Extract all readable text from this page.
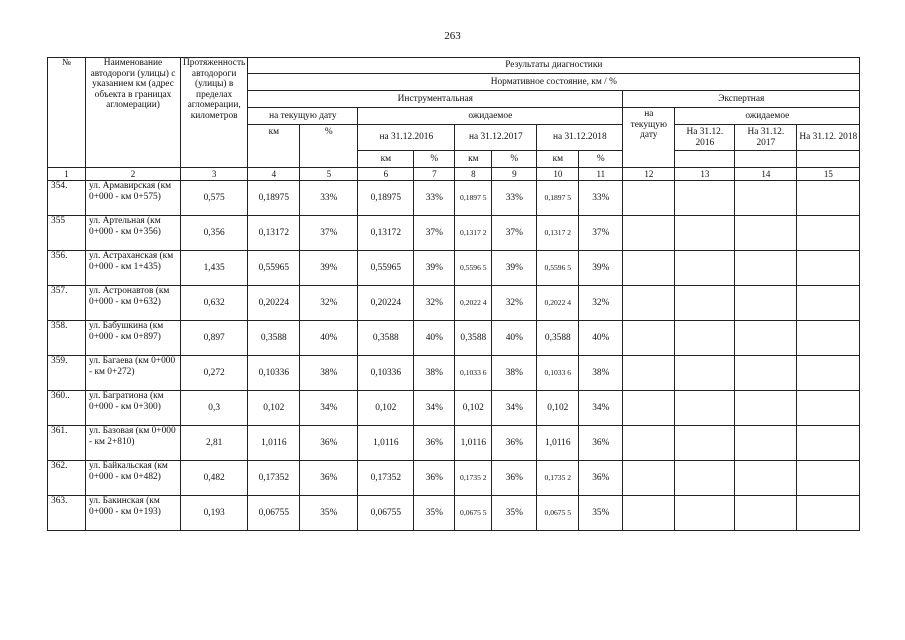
263
№	Наименование автодороги (улицы) с указанием км (адрес объекта в границах агломерации)	Протяженность автодороги (улицы) в пределах агломерации, километров	Результаты диагностики											
			Нормативное состояние, км / %											
			Инструментальная								Экспертная			
			на текущую дату		ожидаемое						на текущую дату	ожидаемое		
			км	%	на 31.12.2016		на 31.12.2017		на 31.12.2018			На 31.12. 2016	На 31.12. 2017	На 31.12. 2018
					км	%	км	%	км	%				
1	2	3	4	5	6	7	8	9	10	11	12	13	14	15
354.	ул. Армавирская (км 0+000 - км 0+575)	0,575	0,18975	33%	0,18975	33%	0,1897 5	33%	0,1897 5	33%				
355	ул. Артельная (км 0+000 - км 0+356)	0,356	0,13172	37%	0,13172	37%	0,1317 2	37%	0,1317 2	37%				
356.	ул. Астраханская (км 0+000 - км 1+435)	1,435	0,55965	39%	0,55965	39%	0,5596 5	39%	0,5596 5	39%				
357.	ул. Астронавтов (км 0+000 - км 0+632)	0,632	0,20224	32%	0,20224	32%	0,2022 4	32%	0,2022 4	32%				
358.	ул. Бабушкина (км 0+000 - км 0+897)	0,897	0,3588	40%	0,3588	40%	0,3588	40%	0,3588	40%				
359.	ул. Багаева (км 0+000 - км 0+272)	0,272	0,10336	38%	0,10336	38%	0,1033 6	38%	0,1033 6	38%				
360..	ул. Багратиона (км 0+000 - км 0+300)	0,3	0,102	34%	0,102	34%	0,102	34%	0,102	34%				
361.	ул. Базовая (км 0+000 - км 2+810)	2,81	1,0116	36%	1,0116	36%	1,0116	36%	1,0116	36%				
362.	ул. Байкальская (км 0+000 - км 0+482)	0,482	0,17352	36%	0,17352	36%	0,1735 2	36%	0,1735 2	36%				
363.	ул. Бакинская (км 0+000 - км 0+193)	0,193	0,06755	35%	0,06755	35%	0,0675 5	35%	0,0675 5	35%				
